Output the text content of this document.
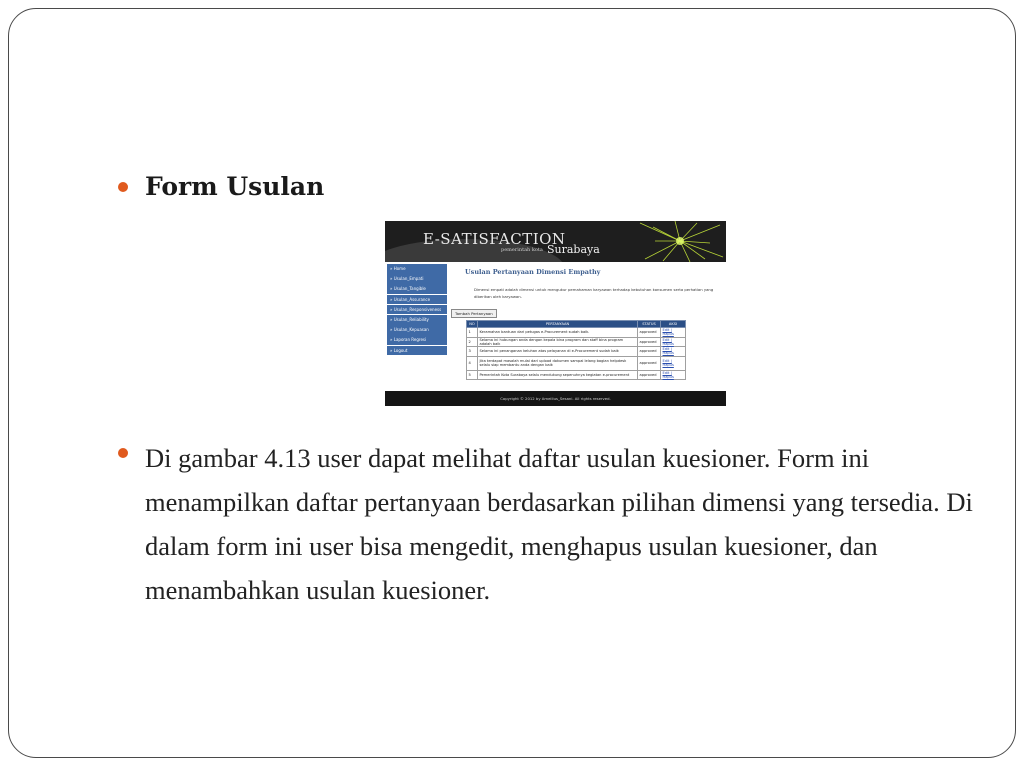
Form Usulan
E-SATISFACTION
pemerintah kota Surabaya
» Home
» Usulan_Empati
» Usulan_Tangible
» Usulan_Assurance
» Usulan_Responsiveness
» Usulan_Reliability
» Usulan_Kepuasan
» Laporan Regresi
» Logout
Usulan Pertanyaan Dimensi Empathy
Dimensi empati adalah dimensi untuk mengukur pemahaman karyawan terhadap kebutuhan konsumen serta perhatian yang diberikan oleh karyawan.
Tambah Pertanyaan
NO	PERTANYAAN	STATUS	AKSI
1	Keramahan bantuan dari petugas e-Procurement sudah baik.	approved	Edit | Hapus
2	Selama ini hubungan anda dengan kepala bina program dan staff bina program adalah baik	approved	Edit | Hapus
3	Selama ini penanganan keluhan atas pelayanan di e-Procurement sudah baik	approved	Edit | Hapus
4	Jika terdapat masalah mulai dari upload dokumen sampai lelang bagian helpdesk selalu siap membantu anda dengan baik	approved	Edit | Hapus
5	Pemerintah Kota Surabaya selalu mendukung sepenuhnya kegiatan e-procurement	approved	Edit | Hapus
Copyright © 2012 by Ameilius_Sesani. All rights reserved.
Di gambar 4.13 user dapat melihat daftar usulan kuesioner. Form ini menampilkan daftar pertanyaan berdasarkan pilihan dimensi yang tersedia. Di dalam form ini user bisa mengedit, menghapus usulan kuesioner, dan menambahkan usulan kuesioner.
